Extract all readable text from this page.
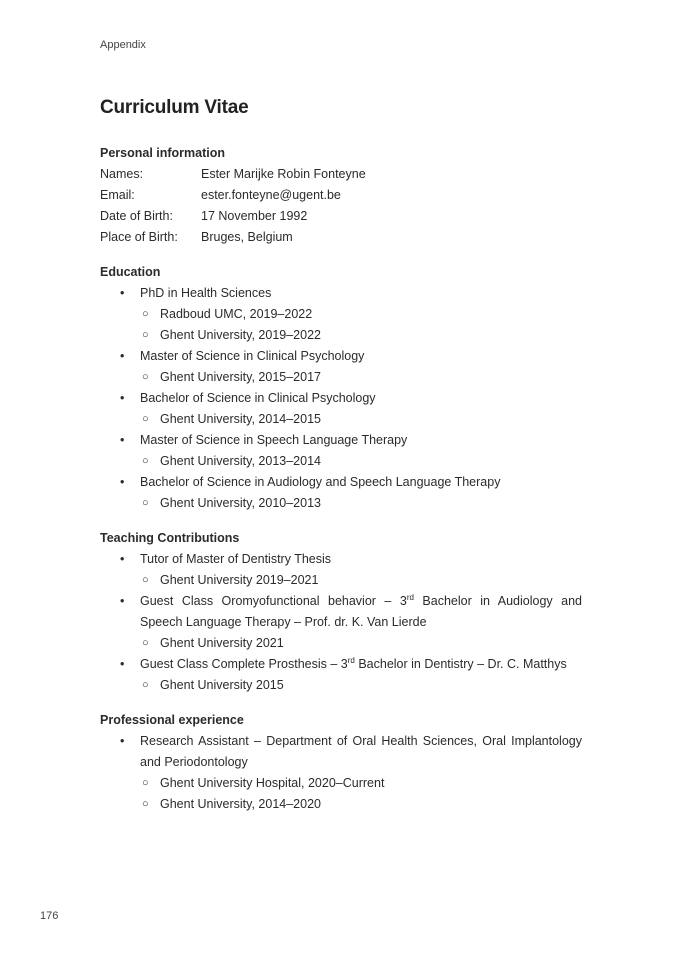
Appendix
Curriculum Vitae
Personal information
Names:	Ester Marijke Robin Fonteyne
Email:	ester.fonteyne@ugent.be
Date of Birth:	17 November 1992
Place of Birth:	Bruges, Belgium
Education
• PhD in Health Sciences
○ Radboud UMC, 2019–2022
○ Ghent University, 2019–2022
• Master of Science in Clinical Psychology
○ Ghent University, 2015–2017
• Bachelor of Science in Clinical Psychology
○ Ghent University, 2014–2015
• Master of Science in Speech Language Therapy
○ Ghent University, 2013–2014
• Bachelor of Science in Audiology and Speech Language Therapy
○ Ghent University, 2010–2013
Teaching Contributions
• Tutor of Master of Dentistry Thesis
○ Ghent University 2019–2021
• Guest Class Oromyofunctional behavior – 3rd Bachelor in Audiology and Speech Language Therapy – Prof. dr. K. Van Lierde
○ Ghent University 2021
• Guest Class Complete Prosthesis – 3rd Bachelor in Dentistry – Dr. C. Matthys
○ Ghent University 2015
Professional experience
• Research Assistant – Department of Oral Health Sciences, Oral Implantology and Periodontology
○ Ghent University Hospital, 2020–Current
○ Ghent University, 2014–2020
176
